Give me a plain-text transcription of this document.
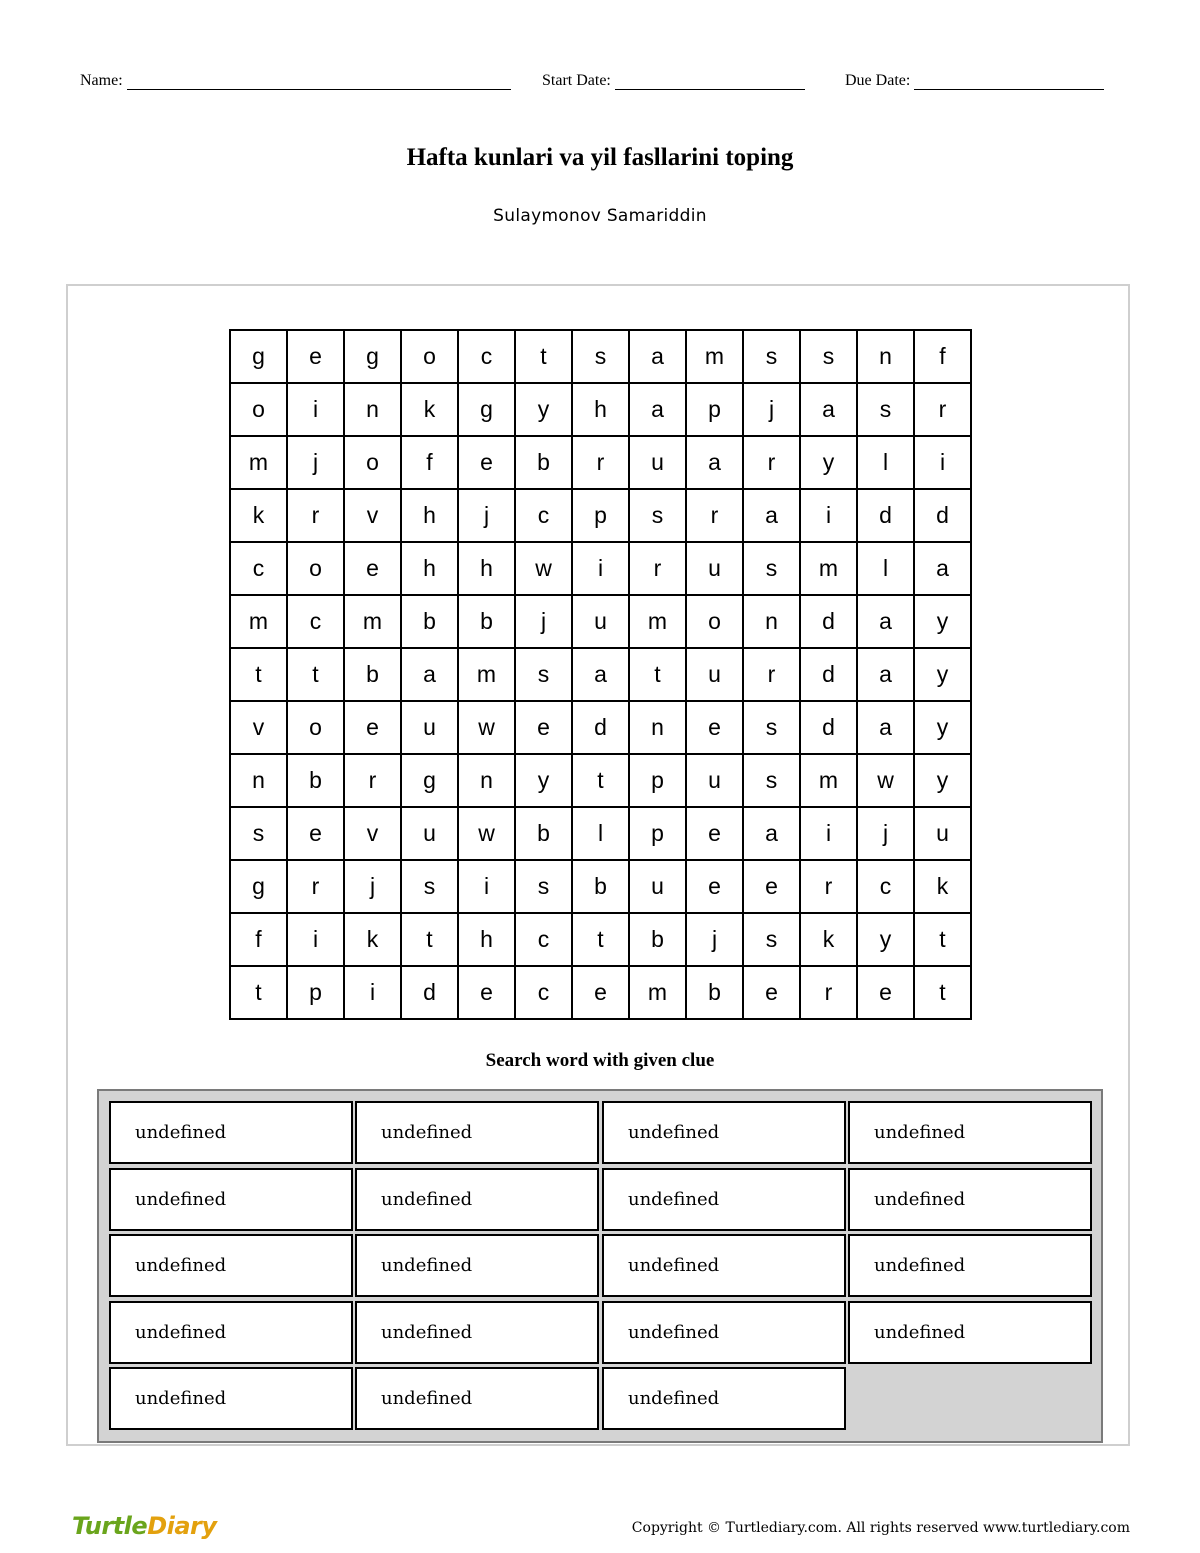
Name:	Start Date:	Due Date:
Hafta kunlari va yil fasllarini toping
Sulaymonov Samariddin
g	e	g	o	c	t	s	a	m	s	s	n	f
o	i	n	k	g	y	h	a	p	j	a	s	r
m	j	o	f	e	b	r	u	a	r	y	l	i
k	r	v	h	j	c	p	s	r	a	i	d	d
c	o	e	h	h	w	i	r	u	s	m	l	a
m	c	m	b	b	j	u	m	o	n	d	a	y
t	t	b	a	m	s	a	t	u	r	d	a	y
v	o	e	u	w	e	d	n	e	s	d	a	y
n	b	r	g	n	y	t	p	u	s	m	w	y
s	e	v	u	w	b	l	p	e	a	i	j	u
g	r	j	s	i	s	b	u	e	e	r	c	k
f	i	k	t	h	c	t	b	j	s	k	y	t
t	p	i	d	e	c	e	m	b	e	r	e	t
Search word with given clue
undefined	undefined	undefined	undefined
undefined	undefined	undefined	undefined
undefined	undefined	undefined	undefined
undefined	undefined	undefined	undefined
undefined	undefined	undefined
TurtleDiary	Copyright © Turtlediary.com. All rights reserved www.turtlediary.com
